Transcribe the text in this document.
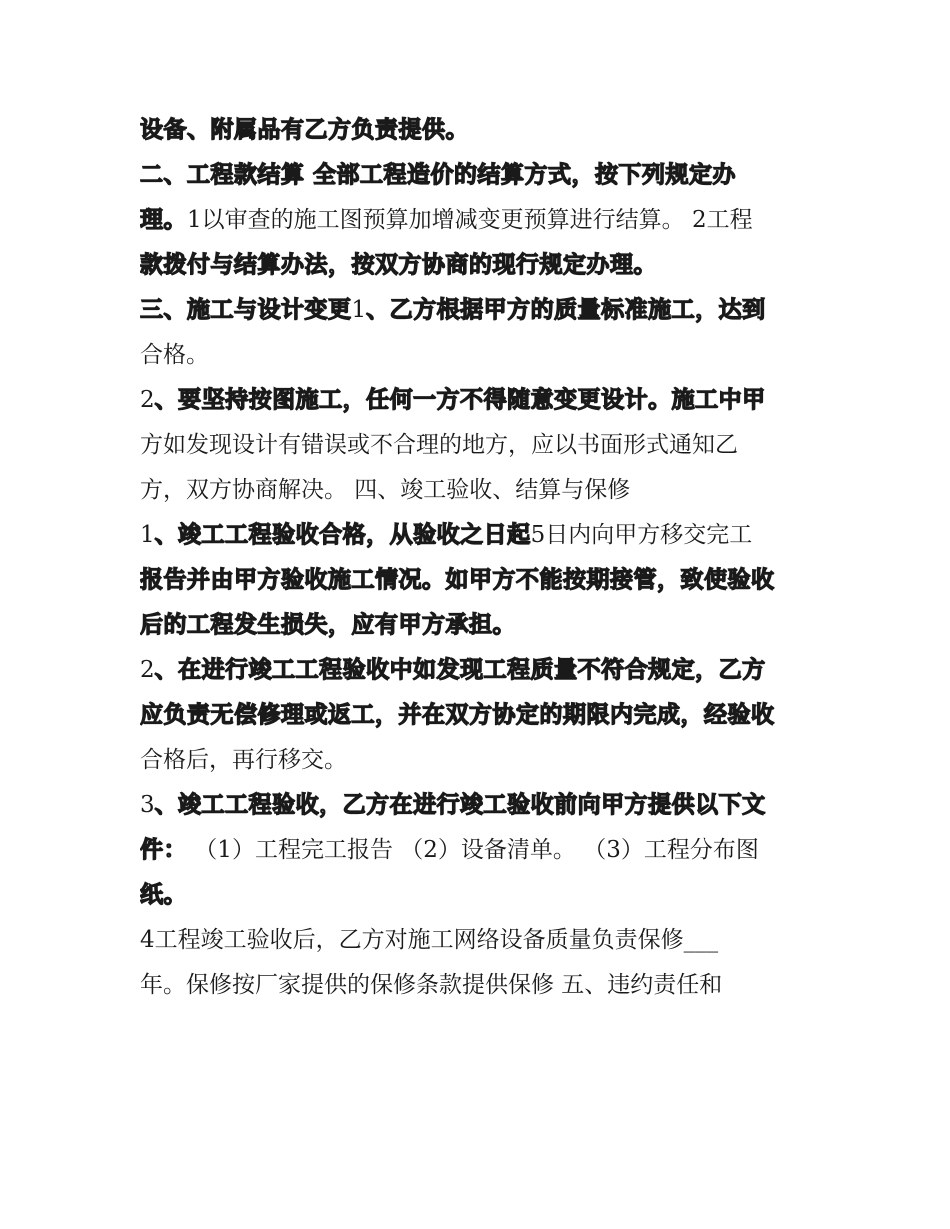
设备、附属品有乙方负责提供。
二、工程款结算 全部工程造价的结算方式，按下列规定办
理。1以审查的施工图预算加增减变更预算进行结算。 2工程
款拨付与结算办法，按双方协商的现行规定办理。
三、施工与设计变更1、乙方根据甲方的质量标准施工，达到
合格。
2、要坚持按图施工，任何一方不得随意变更设计。施工中甲
方如发现设计有错误或不合理的地方，应以书面形式通知乙
方，双方协商解决。 四、竣工验收、结算与保修
1、竣工工程验收合格，从验收之日起5日内向甲方移交完工
报告并由甲方验收施工情况。如甲方不能按期接管，致使验收
后的工程发生损失，应有甲方承担。
2、在进行竣工工程验收中如发现工程质量不符合规定，乙方
应负责无偿修理或返工，并在双方协定的期限内完成，经验收
合格后，再行移交。
3、竣工工程验收，乙方在进行竣工验收前向甲方提供以下文
件： （1）工程完工报告 （2）设备清单。 （3）工程分布图
纸。
4工程竣工验收后，乙方对施工网络设备质量负责保修___
年。保修按厂家提供的保修条款提供保修 五、违约责任和
